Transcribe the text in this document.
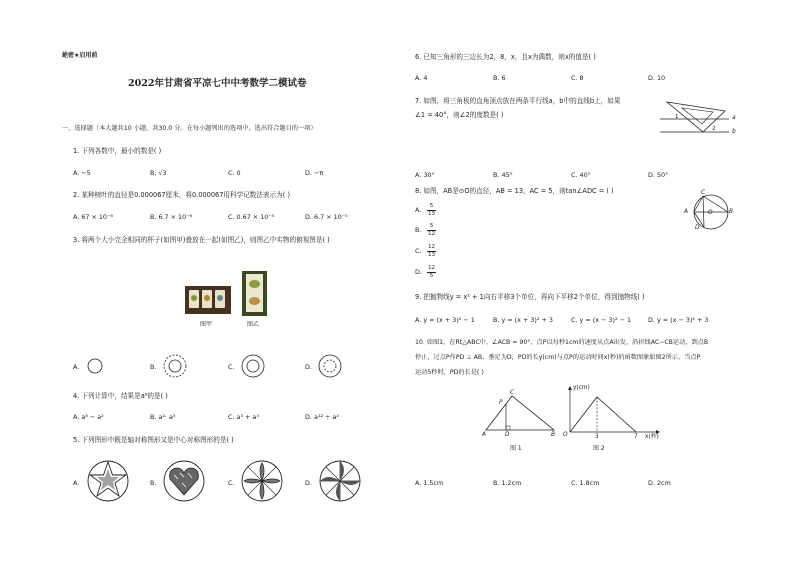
絶密★启用前
2022年甘肃省平凉七中中考数学二模试卷
一、选择题（本大题共10 小题，共30.0 分。在每小题列出的选项中，选出符合题目的一项）
1. 下列各数中，最小的数是( )
A. −5	B. √3	C. 0	D. −π
2. 某种树叶的直径是0.000067厘米，将0.000067用科学记数法表示为( )
A. 67 × 10⁻⁶	B. 6.7 × 10⁻⁶	C. 0.67 × 10⁻⁵	D. 6.7 × 10⁻⁵
3. 将两个大小完全相同的杯子(如图甲)叠放在一起(如图乙)，则图乙中实物的俯视图是( )
图甲	图乙
A.	B.	C.	D.
4. 下列计算中，结果是a⁶的是( )
A. a⁸ − a²	B. a²· a³	C. a³ + a³	D. a¹² ÷ a²
5. 下列图形中既是轴对称图形又是中心对称图形的是( )
A.	B.	C.	D.
6. 已知三角形的三边长为2，8，x，且x为偶数，则x的值是( )
A. 4	B. 6	C. 8	D. 10
7. 如图，将三角板的直角顶点放在两条平行线a，b中的直线b上，如果
∠1 = 40°，则∠2的度数是( )	a
b
1
2
A. 30°	B. 45°	C. 40°	D. 50°
8. 如图，AB是⊙O的直径，AB = 13，AC = 5，则tan∠ADC = ( )	C
A	O	B
D
A.	5
13
B.	5
12
C. 12
13
D. 12
5
9. 把抛物线y = x² + 1向右平移3个单位，再向下平移2个单位，得到抛物线( )
A. y = (x + 3)² − 1	B. y = (x + 3)² + 3	C. y = (x − 3)² − 1	D. y = (x − 3)² + 3
10. 如图1，在Rt△ABC中，∠ACB = 90°，点P以每秒1cm的速度从点A出发，沿折线AC−CB运动，到点B
停止，过点P作PD ⊥ AB，垂足为D，PD的长y(cm)与点P的运动时间x(秒)的函数图象如图2所示，当点P
运动5秒时，PD的长是( )
C
P
A	D	B
图 1
y(cm)
O	3	7 x(秒)
图 2
A. 1.5cm	B. 1.2cm	C. 1.8cm	D. 2cm
